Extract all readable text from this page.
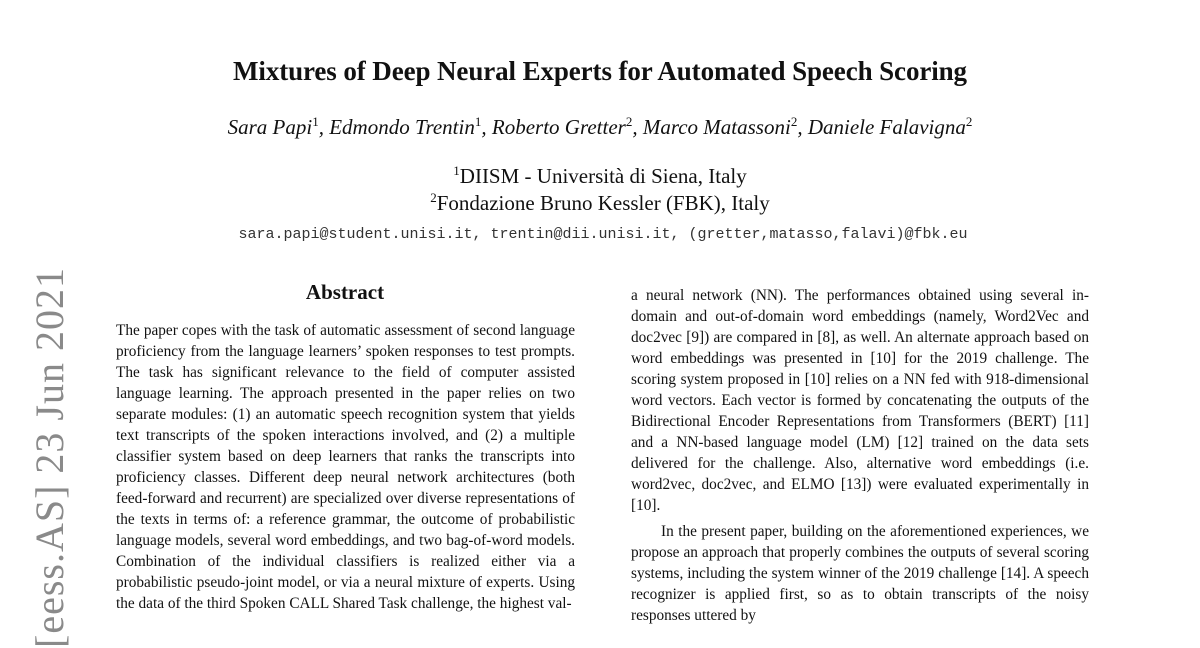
Mixtures of Deep Neural Experts for Automated Speech Scoring
Sara Papi$^1$, Edmondo Trentin$^1$, Roberto Gretter$^2$, Marco Matassoni$^2$, Daniele Falavigna$^2$
$^1$DIISM - Università di Siena, Italy
$^2$Fondazione Bruno Kessler (FBK), Italy
sara.papi@student.unisi.it, trentin@dii.unisi.it, (gretter,matasso,falavi)@fbk.eu
Abstract

The paper copes with the task of automatic assessment of second language proficiency from the language learners’ spoken responses to test prompts. The task has significant relevance to the field of computer assisted language learning. The approach presented in the paper relies on two separate modules: (1) an automatic speech recognition system that yields text transcripts of the spoken interactions involved, and (2) a multiple classifier system based on deep learners that ranks the transcripts into proficiency classes. Different deep neural network architectures (both feed-forward and recurrent) are specialized over diverse representations of the texts in terms of: a reference grammar, the outcome of probabilistic language models, several word embeddings, and two bag-of-word models. Combination of the individual classifiers is realized either via a probabilistic pseudo-joint model, or via a neural mixture of experts. Using the data of the third Spoken CALL Shared Task challenge, the highest val-

a neural network (NN). The performances obtained using several in-domain and out-of-domain word embeddings (namely, Word2Vec and doc2vec [9]) are compared in [8], as well. An alternate approach based on word embeddings was presented in [10] for the 2019 challenge. The scoring system proposed in [10] relies on a NN fed with 918-dimensional word vectors. Each vector is formed by concatenating the outputs of the Bidirectional Encoder Representations from Transformers (BERT) [11] and a NN-based language model (LM) [12] trained on the data sets delivered for the challenge. Also, alternative word embeddings (i.e. word2vec, doc2vec, and ELMO [13]) were evaluated experimentally in [10].

In the present paper, building on the aforementioned experiences, we propose an approach that properly combines the outputs of several scoring systems, including the system winner of the 2019 challenge [14]. A speech recognizer is applied first, so as to obtain transcripts of the noisy responses uttered by

[eess.AS] 23 Jun 2021
